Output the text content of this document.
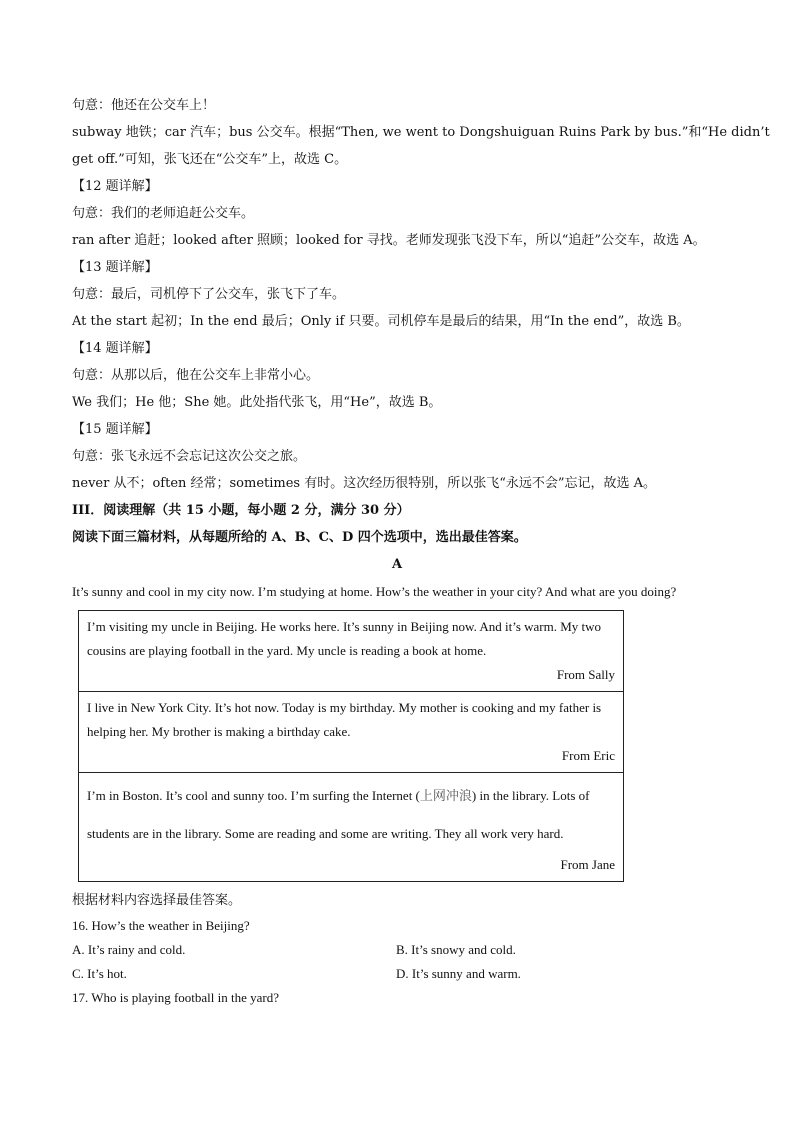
句意：他还在公交车上！
subway 地铁；car 汽车；bus 公交车。根据“Then, we went to Dongshuiguan Ruins Park by bus.”和“He didn’t
get off.”可知，张飞还在“公交车”上，故选 C。
【12 题详解】
句意：我们的老师追赶公交车。
ran after 追赶；looked after 照顾；looked for 寻找。老师发现张飞没下车，所以“追赶”公交车，故选 A。
【13 题详解】
句意：最后，司机停下了公交车，张飞下了车。
At the start 起初；In the end 最后；Only if 只要。司机停车是最后的结果，用“In the end”，故选 B。
【14 题详解】
句意：从那以后，他在公交车上非常小心。
We 我们；He 他；She 她。此处指代张飞，用“He”，故选 B。
【15 题详解】
句意：张飞永远不会忘记这次公交之旅。
never 从不；often 经常；sometimes 有时。这次经历很特别，所以张飞“永远不会”忘记，故选 A。
III．阅读理解（共 15 小题，每小题 2 分，满分 30 分）
阅读下面三篇材料，从每题所给的 A、B、C、D 四个选项中，选出最佳答案。
A
It’s sunny and cool in my city now. I’m studying at home. How’s the weather in your city? And what are you doing?
I’m visiting my uncle in Beijing. He works here. It’s sunny in Beijing now. And it’s warm. My two cousins are playing football in the yard. My uncle is reading a book at home.
From Sally
I live in New York City. It’s hot now. Today is my birthday. My mother is cooking and my father is helping her. My brother is making a birthday cake.
From Eric
I’m in Boston. It’s cool and sunny too. I’m surfing the Internet (上网冲浪) in the library. Lots of students are in the library. Some are reading and some are writing. They all work very hard.
From Jane
根据材料内容选择最佳答案。
16. How’s the weather in Beijing?
A. It’s rainy and cold.	B. It’s snowy and cold.
C. It’s hot.	D. It’s sunny and warm.
17. Who is playing football in the yard?
